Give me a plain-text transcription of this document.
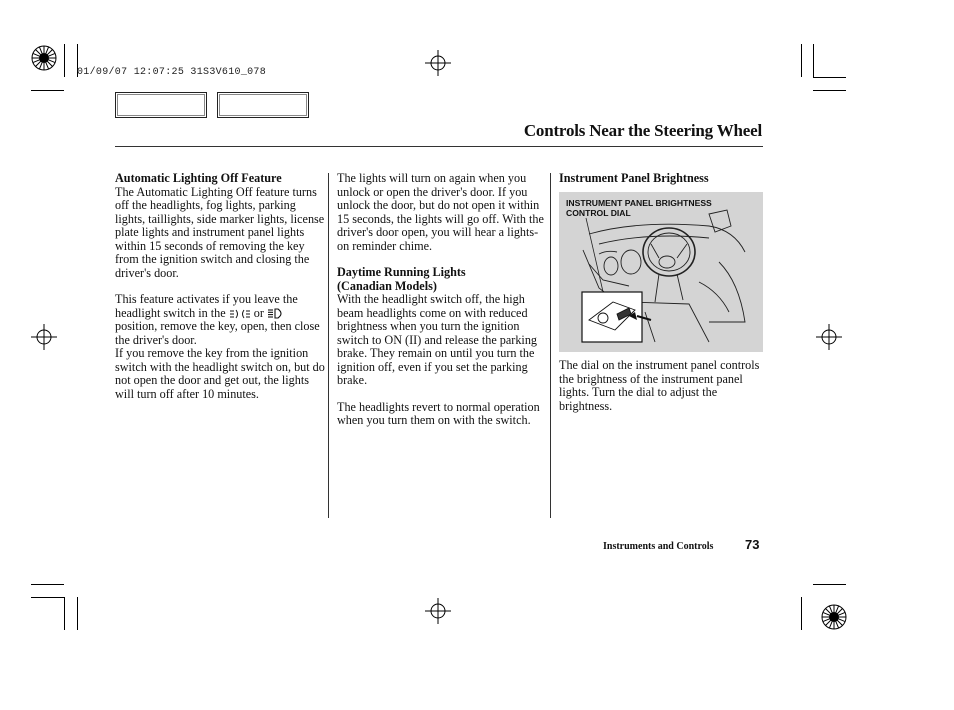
01/09/07 12:07:25 31S3V610_078
Controls Near the Steering Wheel

Automatic Lighting Off Feature

The Automatic Lighting Off feature turns off the headlights, fog lights, parking lights, taillights, side marker lights, license plate lights and instrument panel lights within 15 seconds of removing the key from the ignition switch and closing the driver's door.

This feature activates if you leave the headlight switch in the or  position, remove the key, open, then close the driver's door.

If you remove the key from the ignition switch with the headlight switch on, but do not open the door and get out, the lights will turn off after 10 minutes.

The lights will turn on again when you unlock or open the driver's door. If you unlock the door, but do not open it within 15 seconds, the lights will go off. With the driver's door open, you will hear a lights-on reminder chime.

Daytime Running Lights

(Canadian Models)

With the headlight switch off, the high beam headlights come on with reduced brightness when you turn the ignition switch to ON (II) and release the parking brake. They remain on until you turn the ignition off, even if you set the parking brake.

The headlights revert to normal operation when you turn them on with the switch.

Instrument Panel Brightness

INSTRUMENT PANEL BRIGHTNESS
CONTROL DIAL

The dial on the instrument panel controls the brightness of the instrument panel lights. Turn the dial to adjust the brightness.

Instruments and Controls 73
